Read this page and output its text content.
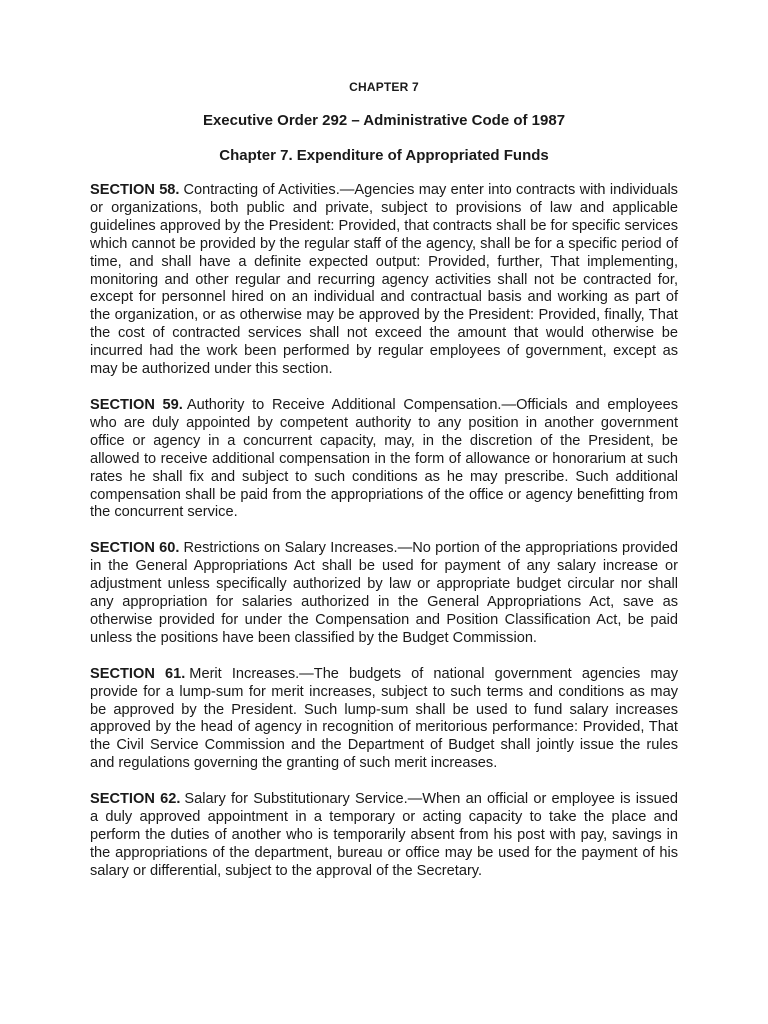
CHAPTER 7
Executive Order 292 – Administrative Code of 1987
Chapter 7. Expenditure of Appropriated Funds

SECTION 58. Contracting of Activities.—Agencies may enter into contracts with individuals or organizations, both public and private, subject to provisions of law and applicable guidelines approved by the President: Provided, that contracts shall be for specific services which cannot be provided by the regular staff of the agency, shall be for a specific period of time, and shall have a definite expected output: Provided, further, That implementing, monitoring and other regular and recurring agency activities shall not be contracted for, except for personnel hired on an individual and contractual basis and working as part of the organization, or as otherwise may be approved by the President: Provided, finally, That the cost of contracted services shall not exceed the amount that would otherwise be incurred had the work been performed by regular employees of government, except as may be authorized under this section.

SECTION 59. Authority to Receive Additional Compensation.—Officials and employees who are duly appointed by competent authority to any position in another government office or agency in a concurrent capacity, may, in the discretion of the President, be allowed to receive additional compensation in the form of allowance or honorarium at such rates he shall fix and subject to such conditions as he may prescribe. Such additional compensation shall be paid from the appropriations of the office or agency benefitting from the concurrent service.

SECTION 60. Restrictions on Salary Increases.—No portion of the appropriations provided in the General Appropriations Act shall be used for payment of any salary increase or adjustment unless specifically authorized by law or appropriate budget circular nor shall any appropriation for salaries authorized in the General Appropriations Act, save as otherwise provided for under the Compensation and Position Classification Act, be paid unless the positions have been classified by the Budget Commission.

SECTION 61. Merit Increases.—The budgets of national government agencies may provide for a lump-sum for merit increases, subject to such terms and conditions as may be approved by the President. Such lump-sum shall be used to fund salary increases approved by the head of agency in recognition of meritorious performance: Provided, That the Civil Service Commission and the Department of Budget shall jointly issue the rules and regulations governing the granting of such merit increases.

SECTION 62. Salary for Substitutionary Service.—When an official or employee is issued a duly approved appointment in a temporary or acting capacity to take the place and perform the duties of another who is temporarily absent from his post with pay, savings in the appropriations of the department, bureau or office may be used for the payment of his salary or differential, subject to the approval of the Secretary.
